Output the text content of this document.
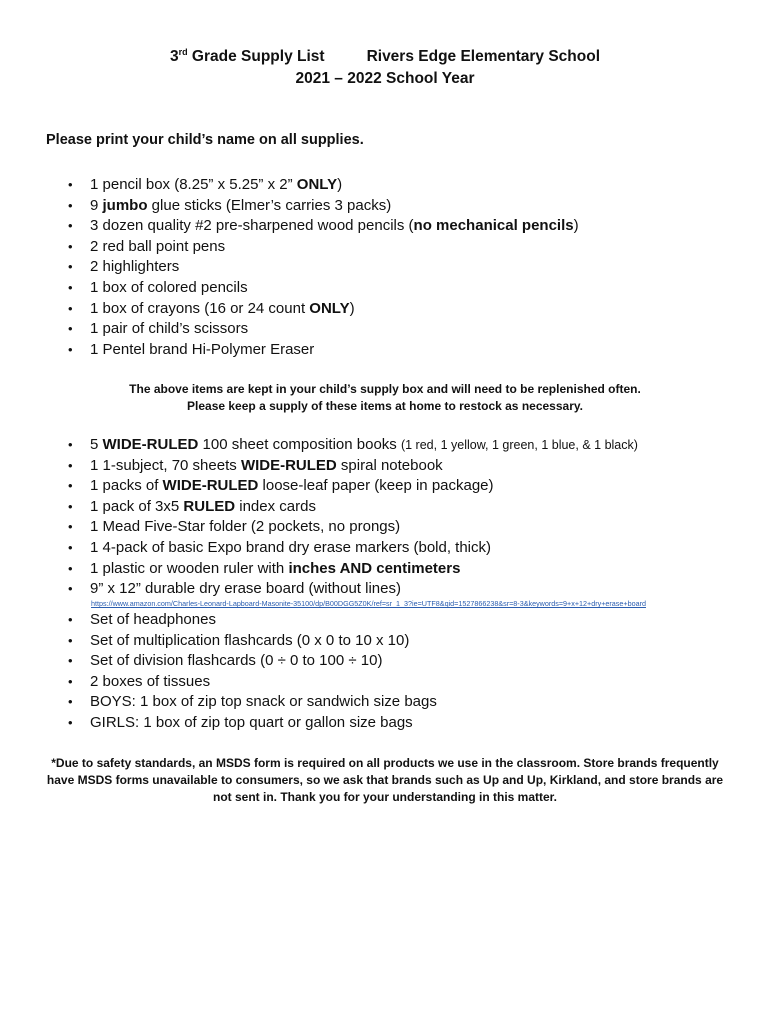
3rd Grade Supply List	Rivers Edge Elementary School
2021 – 2022 School Year
Please print your child’s name on all supplies.
• 1 pencil box (8.25” x 5.25” x 2” ONLY)
• 9 jumbo glue sticks (Elmer’s carries 3 packs)
• 3 dozen quality #2 pre-sharpened wood pencils (no mechanical pencils)
• 2 red ball point pens
• 2 highlighters
• 1 box of colored pencils
• 1 box of crayons (16 or 24 count ONLY)
• 1 pair of child’s scissors
• 1 Pentel brand Hi-Polymer Eraser
The above items are kept in your child’s supply box and will need to be replenished often.
Please keep a supply of these items at home to restock as necessary.
• 5 WIDE-RULED 100 sheet composition books (1 red, 1 yellow, 1 green, 1 blue, & 1 black)
• 1 1-subject, 70 sheets WIDE-RULED spiral notebook
• 1 packs of WIDE-RULED loose-leaf paper (keep in package)
• 1 pack of 3x5 RULED index cards
• 1 Mead Five-Star folder (2 pockets, no prongs)
• 1 4-pack of basic Expo brand dry erase markers (bold, thick)
• 1 plastic or wooden ruler with inches AND centimeters
• 9” x 12” durable dry erase board (without lines)
https://www.amazon.com/Charles-Leonard-Lapboard-Masonite-35100/dp/B00DGG5Z0K/ref=sr_1_3?ie=UTF8&qid=1527866238&sr=8-3&keywords=9+x+12+dry+erase+board
• Set of headphones
• Set of multiplication flashcards (0 x 0 to 10 x 10)
• Set of division flashcards (0 ÷ 0 to 100 ÷ 10)
• 2 boxes of tissues
• BOYS: 1 box of zip top snack or sandwich size bags
• GIRLS: 1 box of zip top quart or gallon size bags
*Due to safety standards, an MSDS form is required on all products we use in the classroom. Store brands frequently have MSDS forms unavailable to consumers, so we ask that brands such as Up and Up, Kirkland, and store brands are not sent in. Thank you for your understanding in this matter.
